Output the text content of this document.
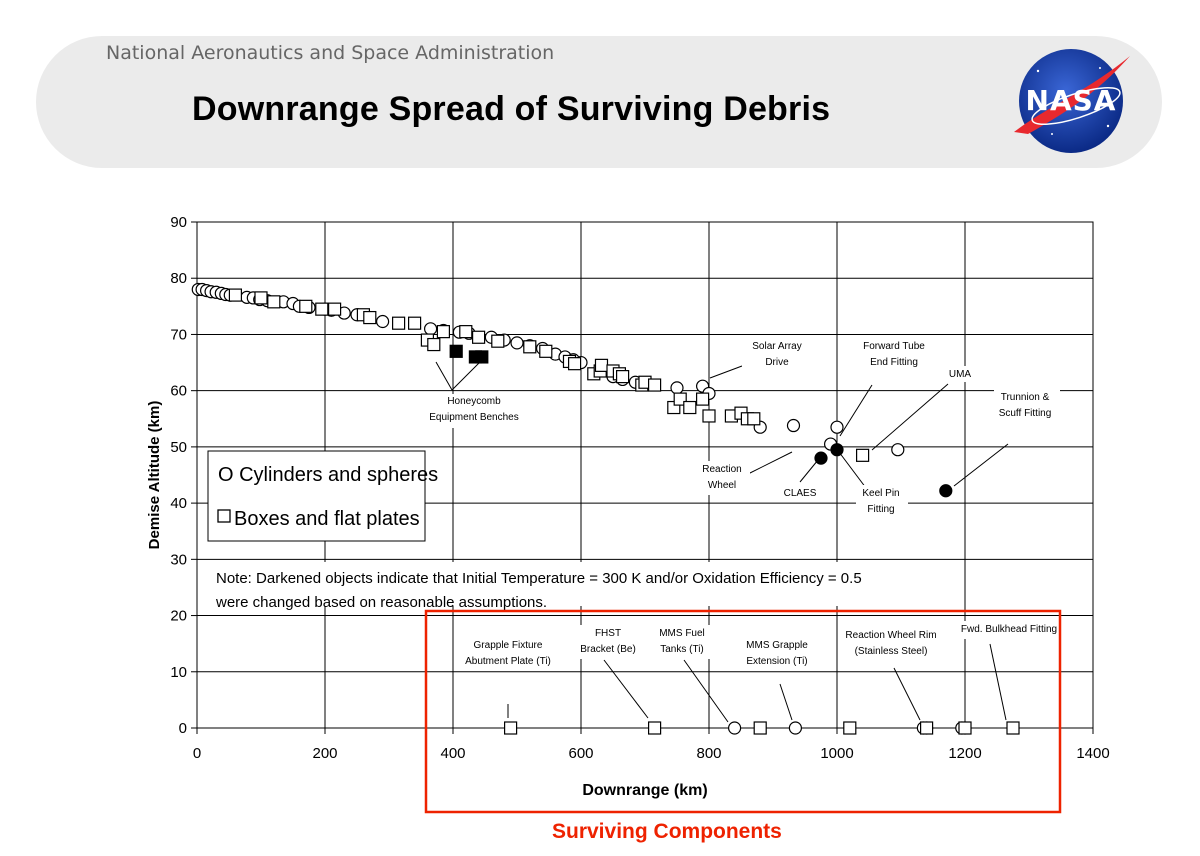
National Aeronautics and Space Administration
Downrange Spread of Surviving Debris	NASA
0
10
20
30
40
50
60
70
80
90
0	200	400	600	800	1000	1200	1400
Demise Altitude (km)
Downrange (km)
O Cylinders and spheres
Boxes and flat plates
Note: Darkened objects indicate that Initial Temperature = 300 K and/or Oxidation Efficiency = 0.5
were changed based on reasonable assumptions.
Honeycomb
Equipment Benches
Solar Array
Drive
Forward Tube
End Fitting
UMA
Trunnion &
Scuff Fitting
Reaction
Wheel
CLAES	Keel Pin
Fitting
Grapple Fixture
Abutment Plate (Ti)
FHST
Bracket (Be)
MMS Fuel
Tanks (Ti)	MMS Grapple
Extension (Ti)
Reaction Wheel Rim
(Stainless Steel)
Fwd. Bulkhead Fitting
Surviving Components
